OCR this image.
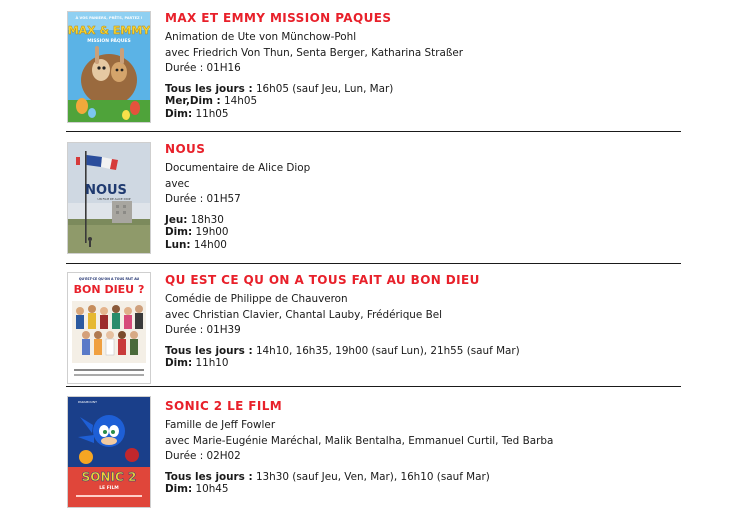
À VOS PANIERS, PRÊTS, PARTEZ !
MAX & EMMY
MISSION PÂQUES
MAX ET EMMY MISSION PAQUES
Animation de Ute von Münchow-Pohl
avec Friedrich Von Thun, Senta Berger, Katharina Straßer
Durée : 01H16
Tous les jours : 16h05 (sauf Jeu, Lun, Mar)
Mer,Dim : 14h05
Dim: 11h05
NOUS
UN FILM DE ALICE DIOP
NOUS
Documentaire de Alice Diop
avec
Durée : 01H57
Jeu: 18h30
Dim: 19h00
Lun: 14h00
QU'EST-CE QU'ON A TOUS FAIT AU
BON DIEU ?
QU EST CE QU ON A TOUS FAIT AU BON DIEU
Comédie de Philippe de Chauveron
avec Christian Clavier, Chantal Lauby, Frédérique Bel
Durée : 01H39
Tous les jours : 14h10, 16h35, 19h00 (sauf Lun), 21h55 (sauf Mar)
Dim: 11h10
PARAMOUNT
SONIC 2
LE FILM
SONIC 2 LE FILM
Famille de Jeff Fowler
avec Marie-Eugénie Maréchal, Malik Bentalha, Emmanuel Curtil, Ted Barba
Durée : 02H02
Tous les jours : 13h30 (sauf Jeu, Ven, Mar), 16h10 (sauf Mar)
Dim: 10h45
